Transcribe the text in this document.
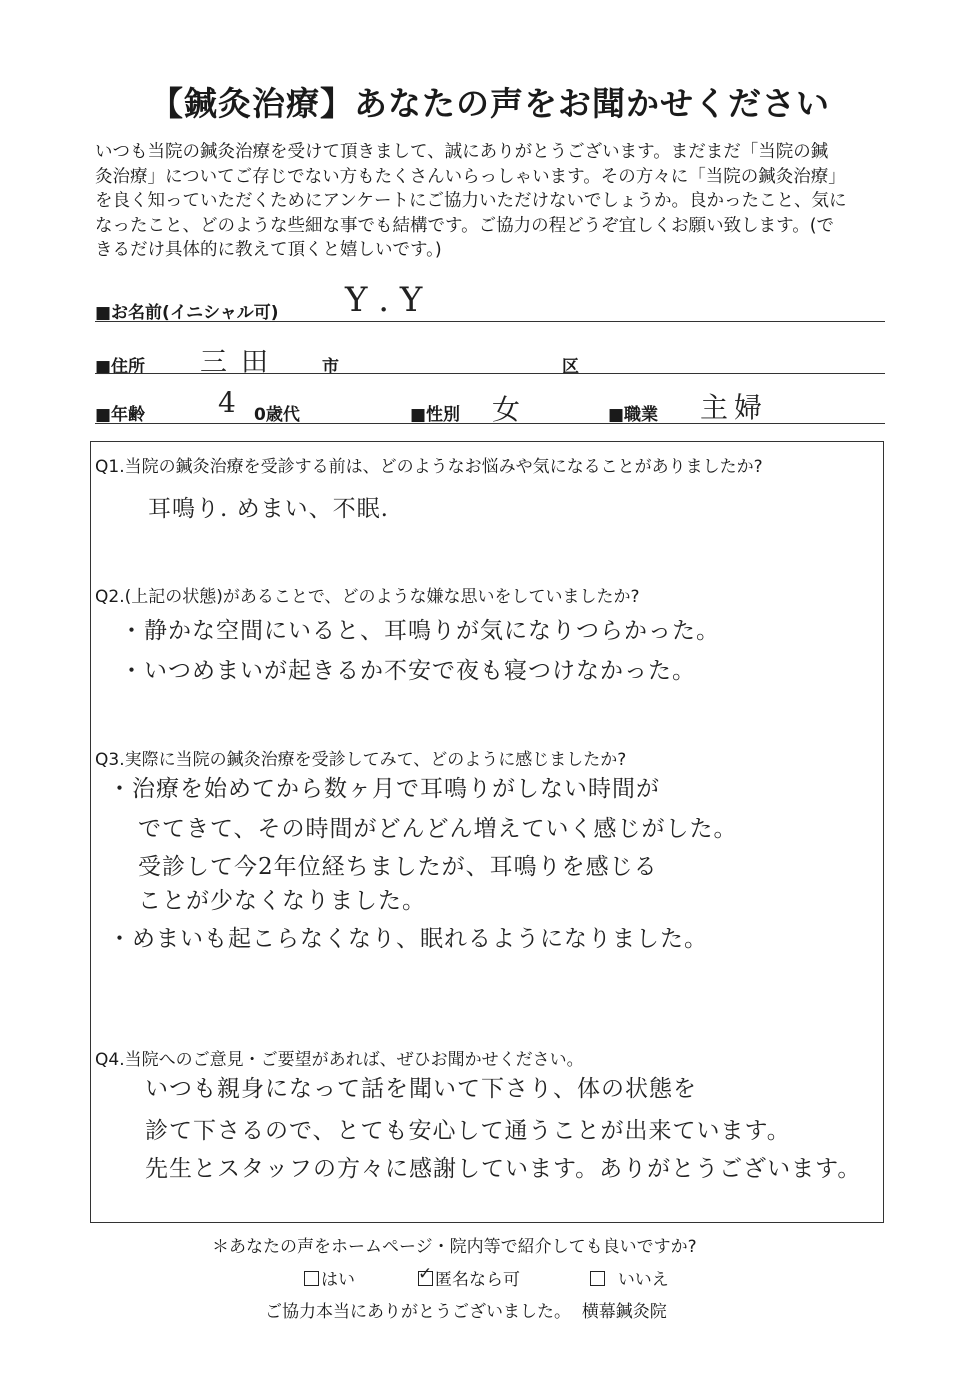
【鍼灸治療】あなたの声をお聞かせください
いつも当院の鍼灸治療を受けて頂きまして、誠にありがとうございます。まだまだ「当院の鍼
灸治療」についてご存じでない方もたくさんいらっしゃいます。その方々に「当院の鍼灸治療」
を良く知っていただくためにアンケートにご協力いただけないでしょうか。良かったこと、気に
なったこと、どのような些細な事でも結構です。ご協力の程どうぞ宜しくお願い致します。(で
きるだけ具体的に教えて頂くと嬉しいです。)
■お名前(イニシャル可) Y . Y
■住所 三田 市	区
■年齢	4 0歳代	■性別 女	■職業 主婦
Q1.当院の鍼灸治療を受診する前は、どのようなお悩みや気になることがありましたか?
耳鳴り. めまい、不眠.
Q2.(上記の状態)があることで、どのような嫌な思いをしていましたか?
・静かな空間にいると、耳鳴りが気になりつらかった。
・いつめまいが起きるか不安で夜も寝つけなかった。
Q3.実際に当院の鍼灸治療を受診してみて、どのように感じましたか?
・治療を始めてから数ヶ月で耳鳴りがしない時間が
でてきて、その時間がどんどん増えていく感じがした。
受診して今2年位経ちましたが、耳鳴りを感じる
ことが少なくなりました。
・めまいも起こらなくなり、眠れるようになりました。
Q4.当院へのご意見・ご要望があれば、ぜひお聞かせください。
いつも親身になって話を聞いて下さり、体の状態を
診て下さるので、とても安心して通うことが出来ています。
先生とスタッフの方々に感謝しています。ありがとうございます。
＊あなたの声をホームページ・院内等で紹介しても良いですか?
はい	✓ 匿名なら可	いいえ
ご協力本当にありがとうございました。 横幕鍼灸院
